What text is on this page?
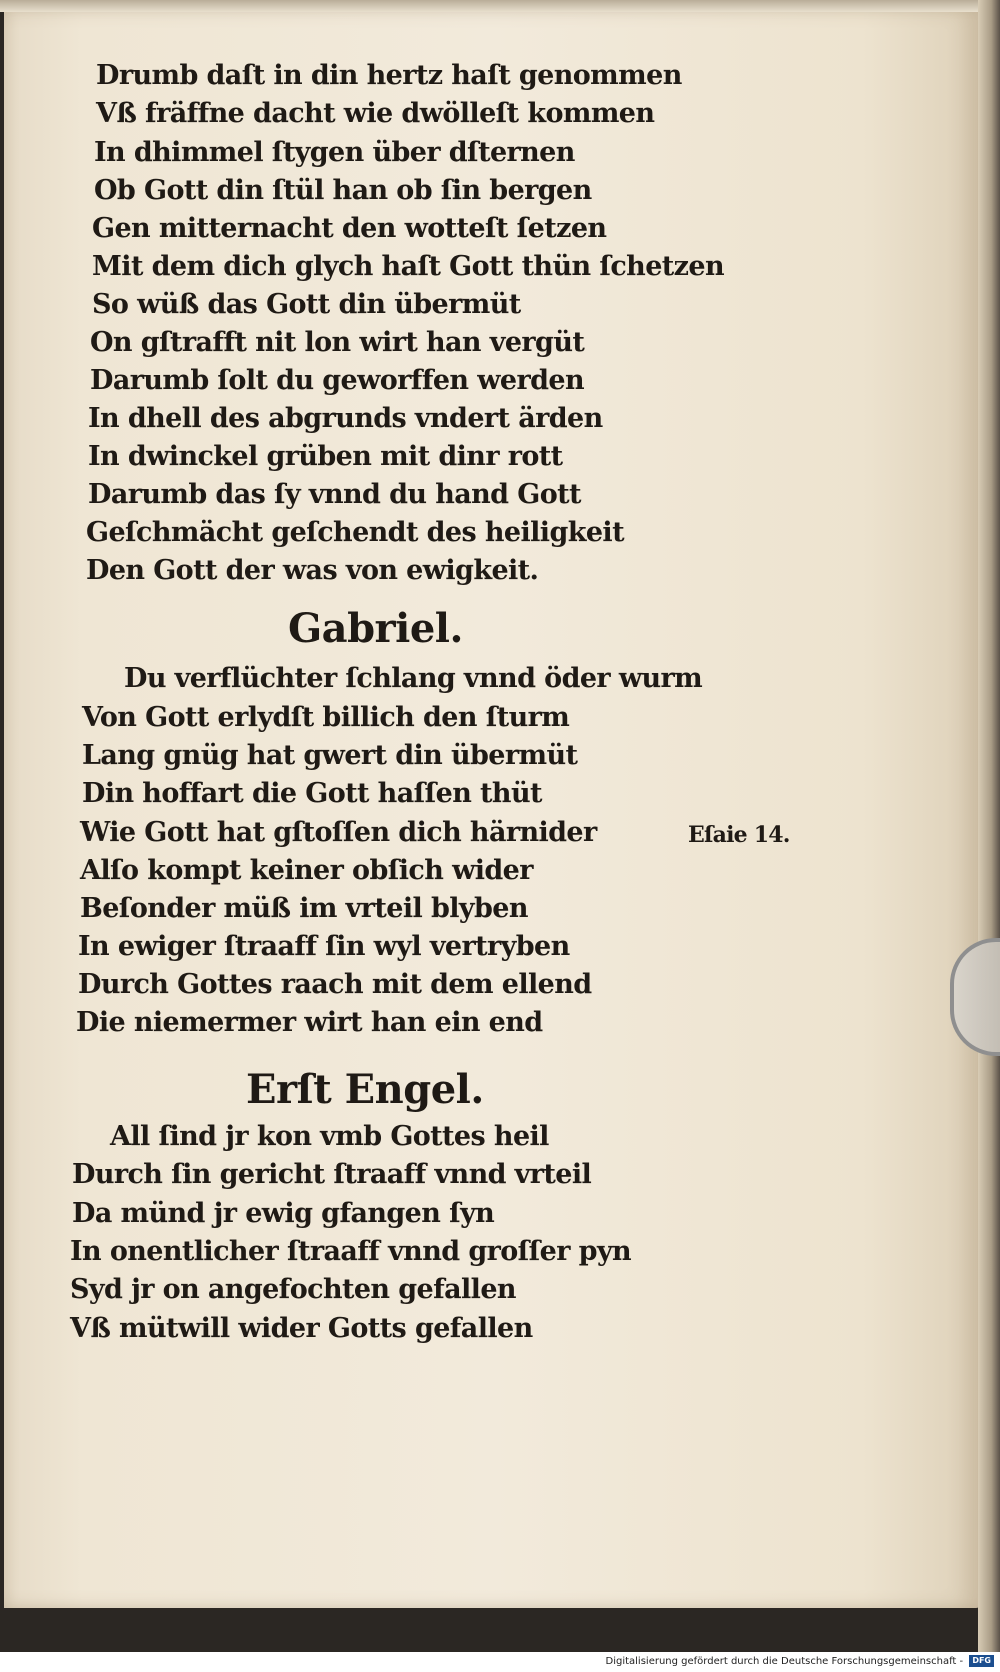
Drumb daſt in din hertz haſt genommen
Vß fräffne dacht wie dwölleſt kommen
In dhimmel ſtygen über dſternen
Ob Gott din ſtül han ob ſin bergen
Gen mitternacht den wotteſt ſetzen
Mit dem dich glych haſt Gott thün ſchetzen
So wüß das Gott din übermüt
On gſtrafft nit lon wirt han vergüt
Darumb ſolt du geworffen werden
In dhell des abgrunds vndert ärden
In dwinckel grüben mit dinr rott
Darumb das ſy vnnd du hand Gott
Geſchmächt geſchendt des heiligkeit
Den Gott der was von ewigkeit.
Gabriel.
Du verflüchter ſchlang vnnd öder wurm
Von Gott erlydſt billich den ſturm
Lang gnüg hat gwert din übermüt
Din hoffart die Gott haſſen thüt
Wie Gott hat gſtoſſen dich härnider
Alſo kompt keiner obſich wider
Beſonder müß im vrteil blyben
In ewiger ſtraaff ſin wyl vertryben
Durch Gottes raach mit dem ellend
Die niemermer wirt han ein end
Eſaie 14.
Erſt Engel.
All ſind jr kon vmb Gottes heil
Durch ſin gericht ſtraaff vnnd vrteil
Da münd jr ewig gfangen ſyn
In onentlicher ſtraaff vnnd groſſer pyn
Syd jr on angefochten gefallen
Vß mütwill wider Gotts gefallen
Digitalisierung gefördert durch die Deutsche Forschungsgemeinschaft - DFG
